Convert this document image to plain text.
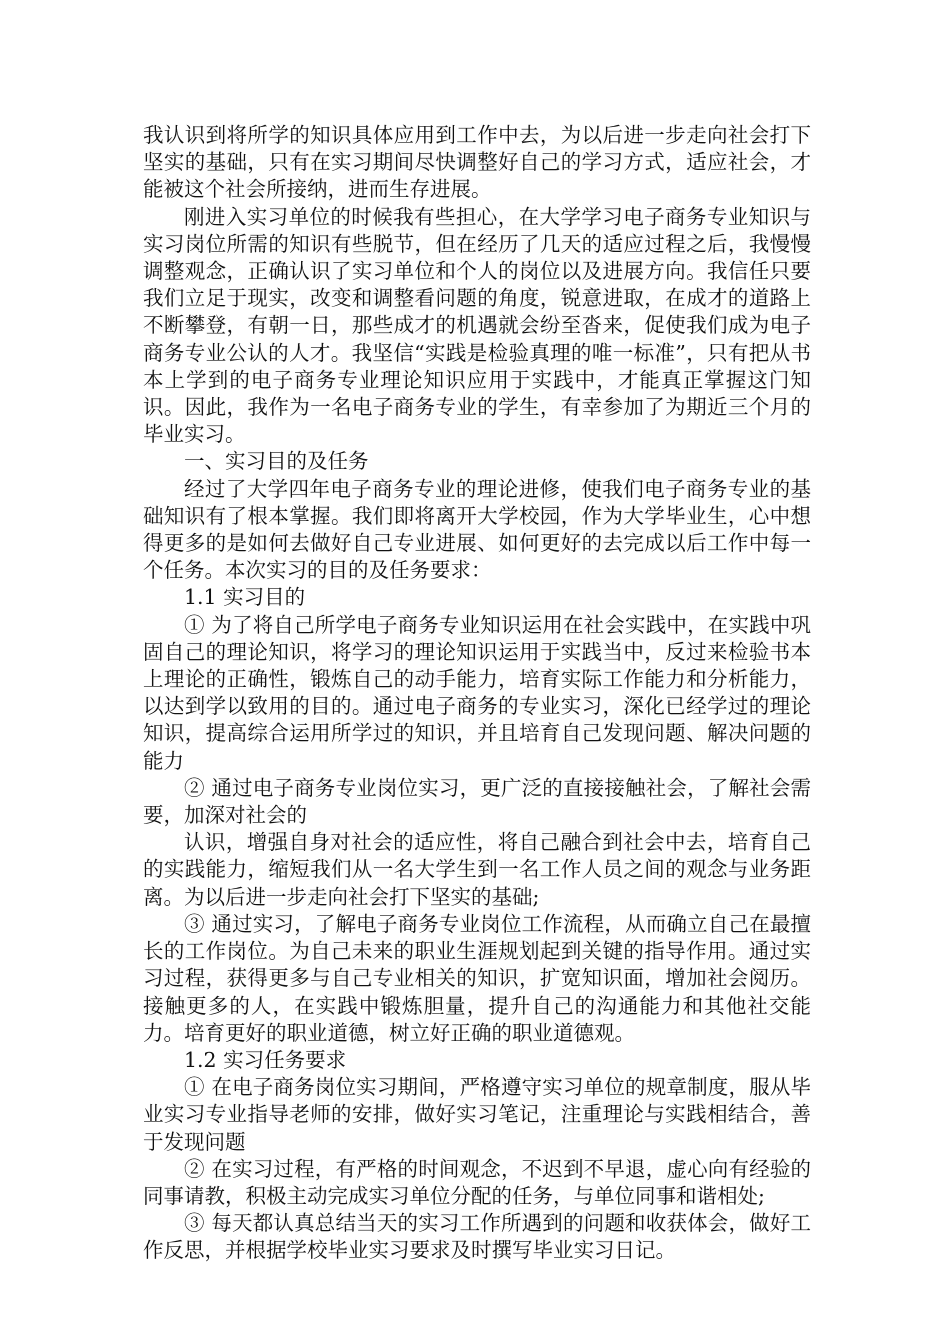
我认识到将所学的知识具体应用到工作中去，为以后进一步走向社会打下坚实的基础，只有在实习期间尽快调整好自己的学习方式，适应社会，才能被这个社会所接纳，进而生存进展。

刚进入实习单位的时候我有些担心，在大学学习电子商务专业知识与实习岗位所需的知识有些脱节，但在经历了几天的适应过程之后，我慢慢调整观念，正确认识了实习单位和个人的岗位以及进展方向。我信任只要我们立足于现实，改变和调整看问题的角度，锐意进取，在成才的道路上不断攀登，有朝一日，那些成才的机遇就会纷至沓来，促使我们成为电子商务专业公认的人才。我坚信“实践是检验真理的唯一标准”，只有把从书本上学到的电子商务专业理论知识应用于实践中，才能真正掌握这门知识。因此，我作为一名电子商务专业的学生，有幸参加了为期近三个月的毕业实习。

一、实习目的及任务

经过了大学四年电子商务专业的理论进修，使我们电子商务专业的基础知识有了根本掌握。我们即将离开大学校园，作为大学毕业生，心中想得更多的是如何去做好自己专业进展、如何更好的去完成以后工作中每一个任务。本次实习的目的及任务要求：

1.1 实习目的

① 为了将自己所学电子商务专业知识运用在社会实践中，在实践中巩固自己的理论知识，将学习的理论知识运用于实践当中，反过来检验书本上理论的正确性，锻炼自己的动手能力，培育实际工作能力和分析能力，以达到学以致用的目的。通过电子商务的专业实习，深化已经学过的理论知识，提高综合运用所学过的知识，并且培育自己发现问题、解决问题的能力

② 通过电子商务专业岗位实习，更广泛的直接接触社会，了解社会需要，加深对社会的

认识，增强自身对社会的适应性，将自己融合到社会中去，培育自己的实践能力，缩短我们从一名大学生到一名工作人员之间的观念与业务距离。为以后进一步走向社会打下坚实的基础;

③ 通过实习，了解电子商务专业岗位工作流程，从而确立自己在最擅长的工作岗位。为自己未来的职业生涯规划起到关键的指导作用。通过实习过程，获得更多与自己专业相关的知识，扩宽知识面，增加社会阅历。接触更多的人，在实践中锻炼胆量，提升自己的沟通能力和其他社交能力。培育更好的职业道德，树立好正确的职业道德观。

1.2 实习任务要求

① 在电子商务岗位实习期间，严格遵守实习单位的规章制度，服从毕业实习专业指导老师的安排，做好实习笔记，注重理论与实践相结合，善于发现问题

② 在实习过程，有严格的时间观念，不迟到不早退，虚心向有经验的同事请教，积极主动完成实习单位分配的任务，与单位同事和谐相处;

③ 每天都认真总结当天的实习工作所遇到的问题和收获体会，做好工作反思，并根据学校毕业实习要求及时撰写毕业实习日记。
